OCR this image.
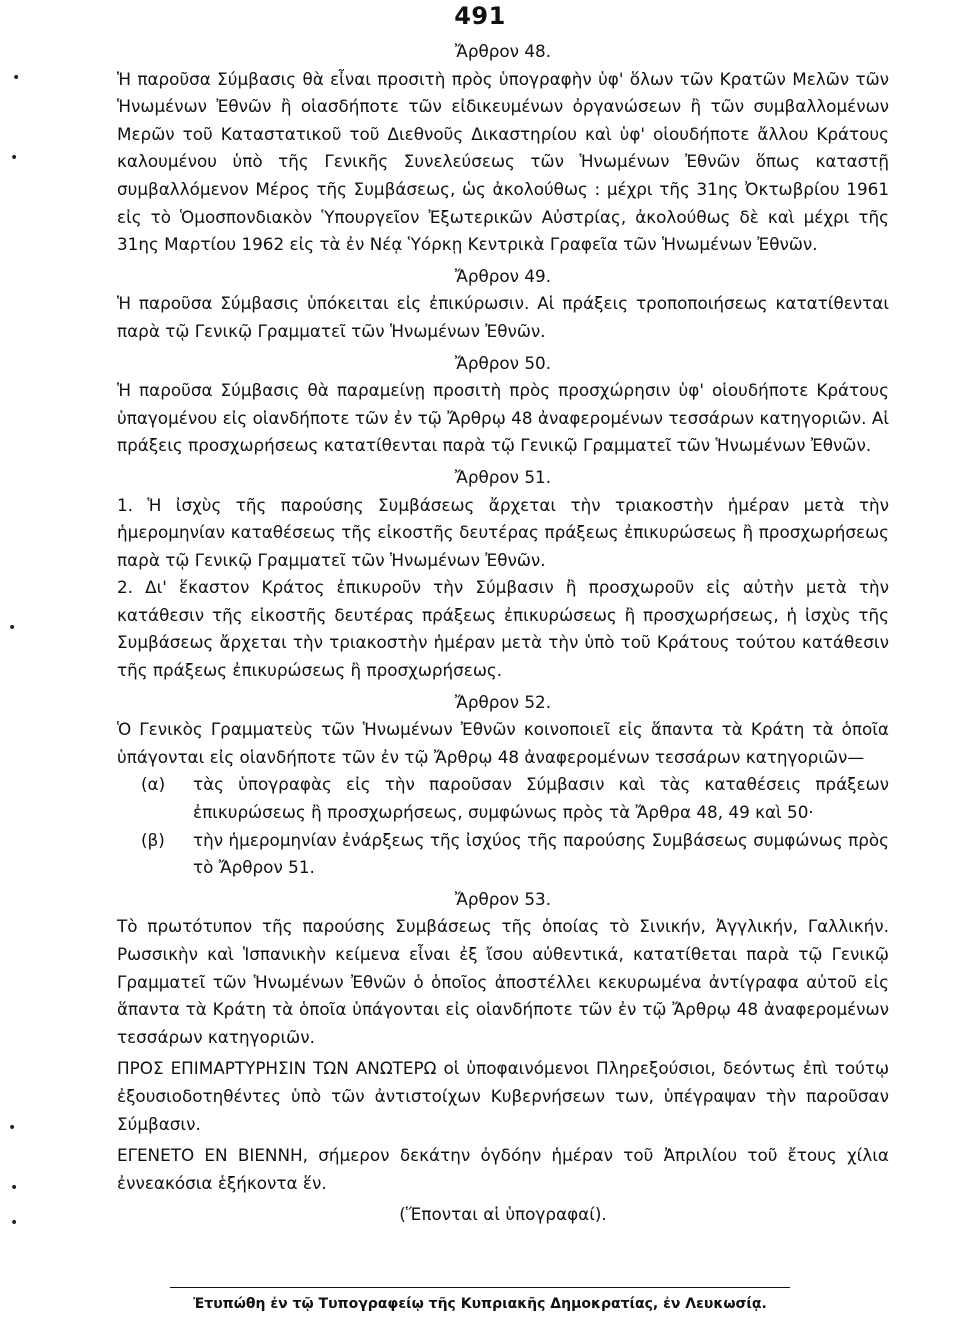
491
•
•
•
•
•
•

Ἄρθρον 48.

Ἡ παροῦσα Σύμβασις θὰ εἶναι προσιτὴ πρὸς ὑπογραφὴν ὑφ' ὅλων τῶν Κρατῶν Μελῶν τῶν Ἡνωμένων Ἐθνῶν ἢ οἱασδήποτε τῶν εἰδικευμένων ὀργανώσεων ἢ τῶν συμβαλλομένων Μερῶν τοῦ Καταστατικοῦ τοῦ Διεθνοῦς Δικαστηρίου καὶ ὑφ' οἱουδήποτε ἄλλου Κράτους καλουμένου ὑπὸ τῆς Γενικῆς Συνελεύσεως τῶν Ἡνωμένων Ἐθνῶν ὅπως καταστῇ συμβαλλόμενον Μέρος τῆς Συμβάσεως, ὡς ἀκολούθως : μέχρι τῆς 31ης Ὀκτωβρίου 1961 εἰς τὸ Ὁμοσπονδιακὸν Ὑπουργεῖον Ἐξωτερικῶν Αὐστρίας, ἀκολούθως δὲ καὶ μέχρι τῆς 31ης Μαρτίου 1962 εἰς τὰ ἐν Νέᾳ Ὑόρκῃ Κεντρικὰ Γραφεῖα τῶν Ἡνωμένων Ἐθνῶν.

Ἄρθρον 49.

Ἡ παροῦσα Σύμβασις ὑπόκειται εἰς ἐπικύρωσιν. Αἱ πράξεις τροποποιήσεως κατατίθενται παρὰ τῷ Γενικῷ Γραμματεῖ τῶν Ἡνωμένων Ἐθνῶν.

Ἄρθρον 50.

Ἡ παροῦσα Σύμβασις θὰ παραμείνῃ προσιτὴ πρὸς προσχώρησιν ὑφ' οἱουδήποτε Κράτους ὑπαγομένου εἰς οἱανδήποτε τῶν ἐν τῷ Ἄρθρῳ 48 ἀναφερομένων τεσσάρων κατηγοριῶν. Αἱ πράξεις προσχωρήσεως κατατίθενται παρὰ τῷ Γενικῷ Γραμματεῖ τῶν Ἡνωμένων Ἐθνῶν.

Ἄρθρον 51.

1. Ἡ ἰσχὺς τῆς παρούσης Συμβάσεως ἄρχεται τὴν τριακοστὴν ἡμέραν μετὰ τὴν ἡμερομηνίαν καταθέσεως τῆς εἰκοστῆς δευτέρας πράξεως ἐπικυρώσεως ἢ προσχωρήσεως παρὰ τῷ Γενικῷ Γραμματεῖ τῶν Ἡνωμένων Ἐθνῶν.

2. Δι' ἕκαστον Κράτος ἐπικυροῦν τὴν Σύμβασιν ἢ προσχωροῦν εἰς αὐτὴν μετὰ τὴν κατάθεσιν τῆς εἰκοστῆς δευτέρας πράξεως ἐπικυρώσεως ἢ προσχωρήσεως, ἡ ἰσχὺς τῆς Συμβάσεως ἄρχεται τὴν τριακοστὴν ἡμέραν μετὰ τὴν ὑπὸ τοῦ Κράτους τούτου κατάθεσιν τῆς πράξεως ἐπικυρώσεως ἢ προσχωρήσεως.

Ἄρθρον 52.

Ὁ Γενικὸς Γραμματεὺς τῶν Ἡνωμένων Ἐθνῶν κοινοποιεῖ εἰς ἅπαντα τὰ Κράτη τὰ ὁποῖα ὑπάγονται εἰς οἱανδήποτε τῶν ἐν τῷ Ἄρθρῳ 48 ἀναφερομένων τεσσάρων κατηγοριῶν—

(α)	τὰς ὑπογραφὰς εἰς τὴν παροῦσαν Σύμβασιν καὶ τὰς καταθέσεις πράξεων ἐπικυρώσεως ἢ προσχωρήσεως, συμφώνως πρὸς τὰ Ἄρθρα 48, 49 καὶ 50·
(β)	τὴν ἡμερομηνίαν ἐνάρξεως τῆς ἰσχύος τῆς παρούσης Συμβάσεως συμφώνως πρὸς τὸ Ἄρθρον 51.

Ἄρθρον 53.

Τὸ πρωτότυπον τῆς παρούσης Συμβάσεως τῆς ὁποίας τὸ Σινικήν, Ἀγγλικήν, Γαλλικήν. Ρωσσικὴν καὶ Ἱσπανικὴν κείμενα εἶναι ἐξ ἴσου αὐθεντικά, κατατίθεται παρὰ τῷ Γενικῷ Γραμματεῖ τῶν Ἡνωμένων Ἐθνῶν ὁ ὁποῖος ἀποστέλλει κεκυρωμένα ἀντίγραφα αὐτοῦ εἰς ἅπαντα τὰ Κράτη τὰ ὁποῖα ὑπάγονται εἰς οἱανδήποτε τῶν ἐν τῷ Ἄρθρῳ 48 ἀναφερομένων τεσσάρων κατηγοριῶν.

ΠΡΟΣ ΕΠΙΜΑΡΤΥΡΗΣΙΝ ΤΩΝ ΑΝΩΤΕΡΩ οἱ ὑποφαινόμενοι Πληρεξούσιοι, δεόντως ἐπὶ τούτῳ ἐξουσιοδοτηθέντες ὑπὸ τῶν ἀντιστοίχων Κυβερνήσεων των, ὑπέγραψαν τὴν παροῦσαν Σύμβασιν.

ΕΓΕΝΕΤΟ ΕΝ ΒΙΕΝΝΗ, σήμερον δεκάτην ὀγδόην ἡμέραν τοῦ Ἀπριλίου τοῦ ἔτους χίλια ἐννεακόσια ἑξήκοντα ἕν.

(Ἕπονται αἱ ὑπογραφαί).

Ἐτυπώθη ἐν τῷ Τυπογραφείῳ τῆς Κυπριακῆς Δημοκρατίας, ἐν Λευκωσίᾳ.
